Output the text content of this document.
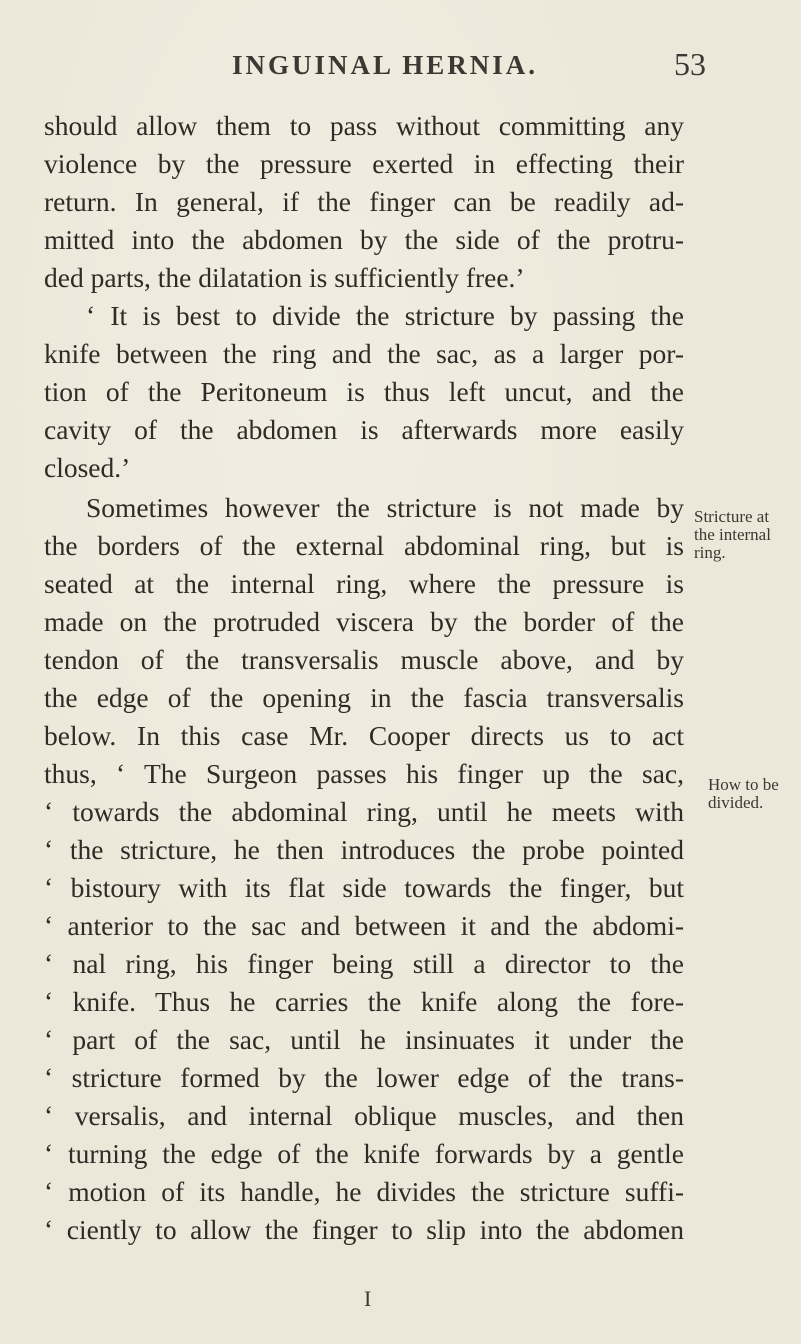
INGUINAL HERNIA.	53
should allow them to pass without committing any
violence by the pressure exerted in effecting their
return. In general, if the finger can be readily ad-
mitted into the abdomen by the side of the protru-
ded parts, the dilatation is sufficiently free.’
‘ It is best to divide the stricture by passing the
knife between the ring and the sac, as a larger por-
tion of the Peritoneum is thus left uncut, and the
cavity of the abdomen is afterwards more easily
closed.’
Sometimes however the stricture is not made by
the borders of the external abdominal ring, but is
seated at the internal ring, where the pressure is
made on the protruded viscera by the border of the
tendon of the transversalis muscle above, and by
the edge of the opening in the fascia transversalis
below. In this case Mr. Cooper directs us to act
thus, ‘ The Surgeon passes his finger up the sac,
‘ towards the abdominal ring, until he meets with
‘ the stricture, he then introduces the probe pointed
‘ bistoury with its flat side towards the finger, but
‘ anterior to the sac and between it and the abdomi-
‘ nal ring, his finger being still a director to the
‘ knife. Thus he carries the knife along the fore-
‘ part of the sac, until he insinuates it under the
‘ stricture formed by the lower edge of the trans-
‘ versalis, and internal oblique muscles, and then
‘ turning the edge of the knife forwards by a gentle
‘ motion of its handle, he divides the stricture suffi-
‘ ciently to allow the finger to slip into the abdomen
Stricture at
the internal
ring.
How to be
divided.
I
